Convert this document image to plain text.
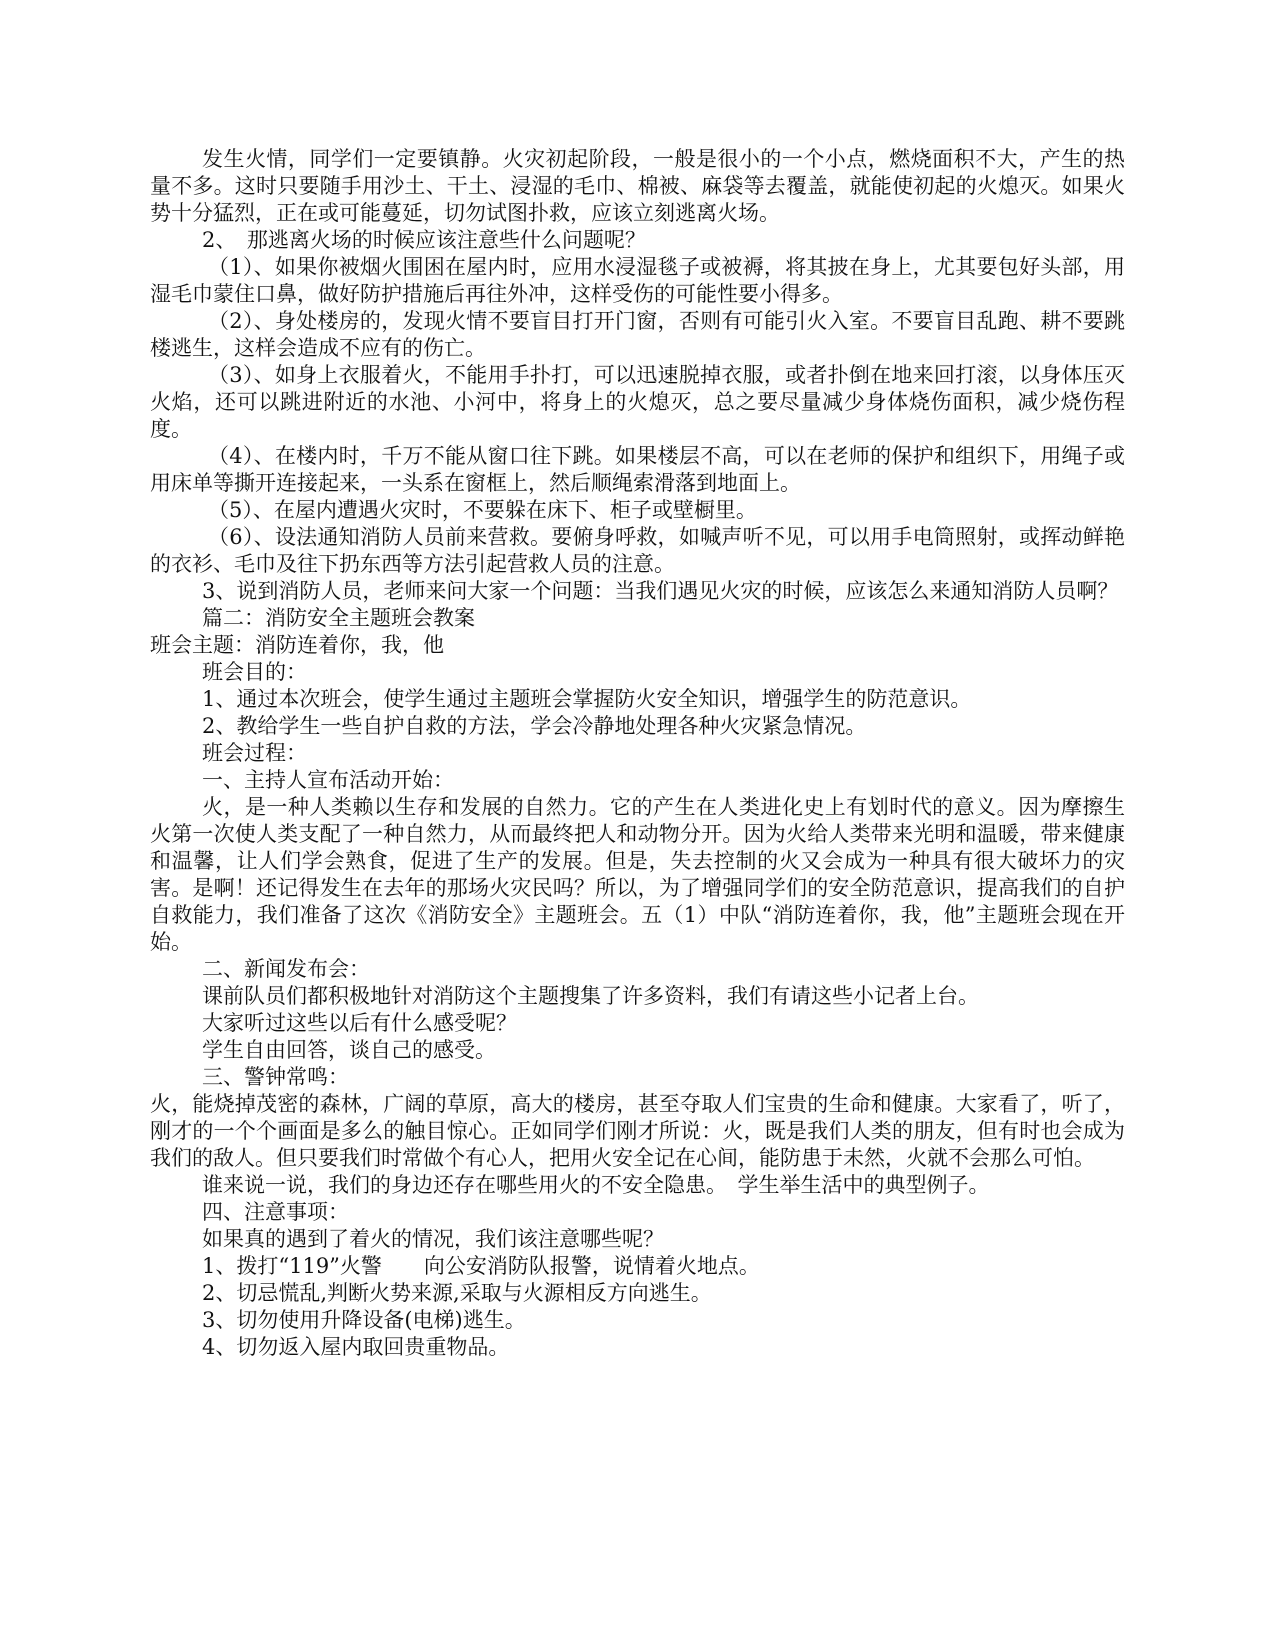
发生火情，同学们一定要镇静。火灾初起阶段，一般是很小的一个小点，燃烧面积不大，产生的热量不多。这时只要随手用沙土、干土、浸湿的毛巾、棉被、麻袋等去覆盖，就能使初起的火熄灭。如果火势十分猛烈，正在或可能蔓延，切勿试图扑救，应该立刻逃离火场。

2、　那逃离火场的时候应该注意些什么问题呢？

（1）、如果你被烟火围困在屋内时，应用水浸湿毯子或被褥，将其披在身上，尤其要包好头部，用湿毛巾蒙住口鼻，做好防护措施后再往外冲，这样受伤的可能性要小得多。

（2）、身处楼房的，发现火情不要盲目打开门窗，否则有可能引火入室。不要盲目乱跑、耕不要跳楼逃生，这样会造成不应有的伤亡。

（3）、如身上衣服着火，不能用手扑打，可以迅速脱掉衣服，或者扑倒在地来回打滚，以身体压灭火焰，还可以跳进附近的水池、小河中，将身上的火熄灭，总之要尽量减少身体烧伤面积，减少烧伤程度。

（4）、在楼内时，千万不能从窗口往下跳。如果楼层不高，可以在老师的保护和组织下，用绳子或用床单等撕开连接起来，一头系在窗框上，然后顺绳索滑落到地面上。

（5）、在屋内遭遇火灾时，不要躲在床下、柜子或壁橱里。

（6）、设法通知消防人员前来营救。要俯身呼救，如喊声听不见，可以用手电筒照射，或挥动鲜艳的衣衫、毛巾及往下扔东西等方法引起营救人员的注意。

3、说到消防人员，老师来问大家一个问题：当我们遇见火灾的时候，应该怎么来通知消防人员啊？

篇二：消防安全主题班会教案

班会主题：消防连着你，我，他

班会目的：

1、通过本次班会，使学生通过主题班会掌握防火安全知识，增强学生的防范意识。

2、教给学生一些自护自救的方法，学会冷静地处理各种火灾紧急情况。

班会过程：

一、主持人宣布活动开始：

火，是一种人类赖以生存和发展的自然力。它的产生在人类进化史上有划时代的意义。因为摩擦生火第一次使人类支配了一种自然力，从而最终把人和动物分开。因为火给人类带来光明和温暖，带来健康和温馨，让人们学会熟食，促进了生产的发展。但是，失去控制的火又会成为一种具有很大破坏力的灾害。是啊！还记得发生在去年的那场火灾民吗？所以，为了增强同学们的安全防范意识，提高我们的自护自救能力，我们准备了这次《消防安全》主题班会。五（1）中队“消防连着你，我，他”主题班会现在开始。

二、新闻发布会：

课前队员们都积极地针对消防这个主题搜集了许多资料，我们有请这些小记者上台。

大家听过这些以后有什么感受呢？

学生自由回答，谈自己的感受。

三、警钟常鸣：

火，能烧掉茂密的森林，广阔的草原，高大的楼房，甚至夺取人们宝贵的生命和健康。大家看了，听了，刚才的一个个画面是多么的触目惊心。正如同学们刚才所说：火，既是我们人类的朋友，但有时也会成为我们的敌人。但只要我们时常做个有心人，把用火安全记在心间，能防患于未然，火就不会那么可怕。

谁来说一说，我们的身边还存在哪些用火的不安全隐患。　学生举生活中的典型例子。

四、注意事项：

如果真的遇到了着火的情况，我们该注意哪些呢？

1、拨打“119”火警　　向公安消防队报警，说情着火地点。

2、切忌慌乱,判断火势来源,采取与火源相反方向逃生。

3、切勿使用升降设备(电梯)逃生。

4、切勿返入屋内取回贵重物品。
